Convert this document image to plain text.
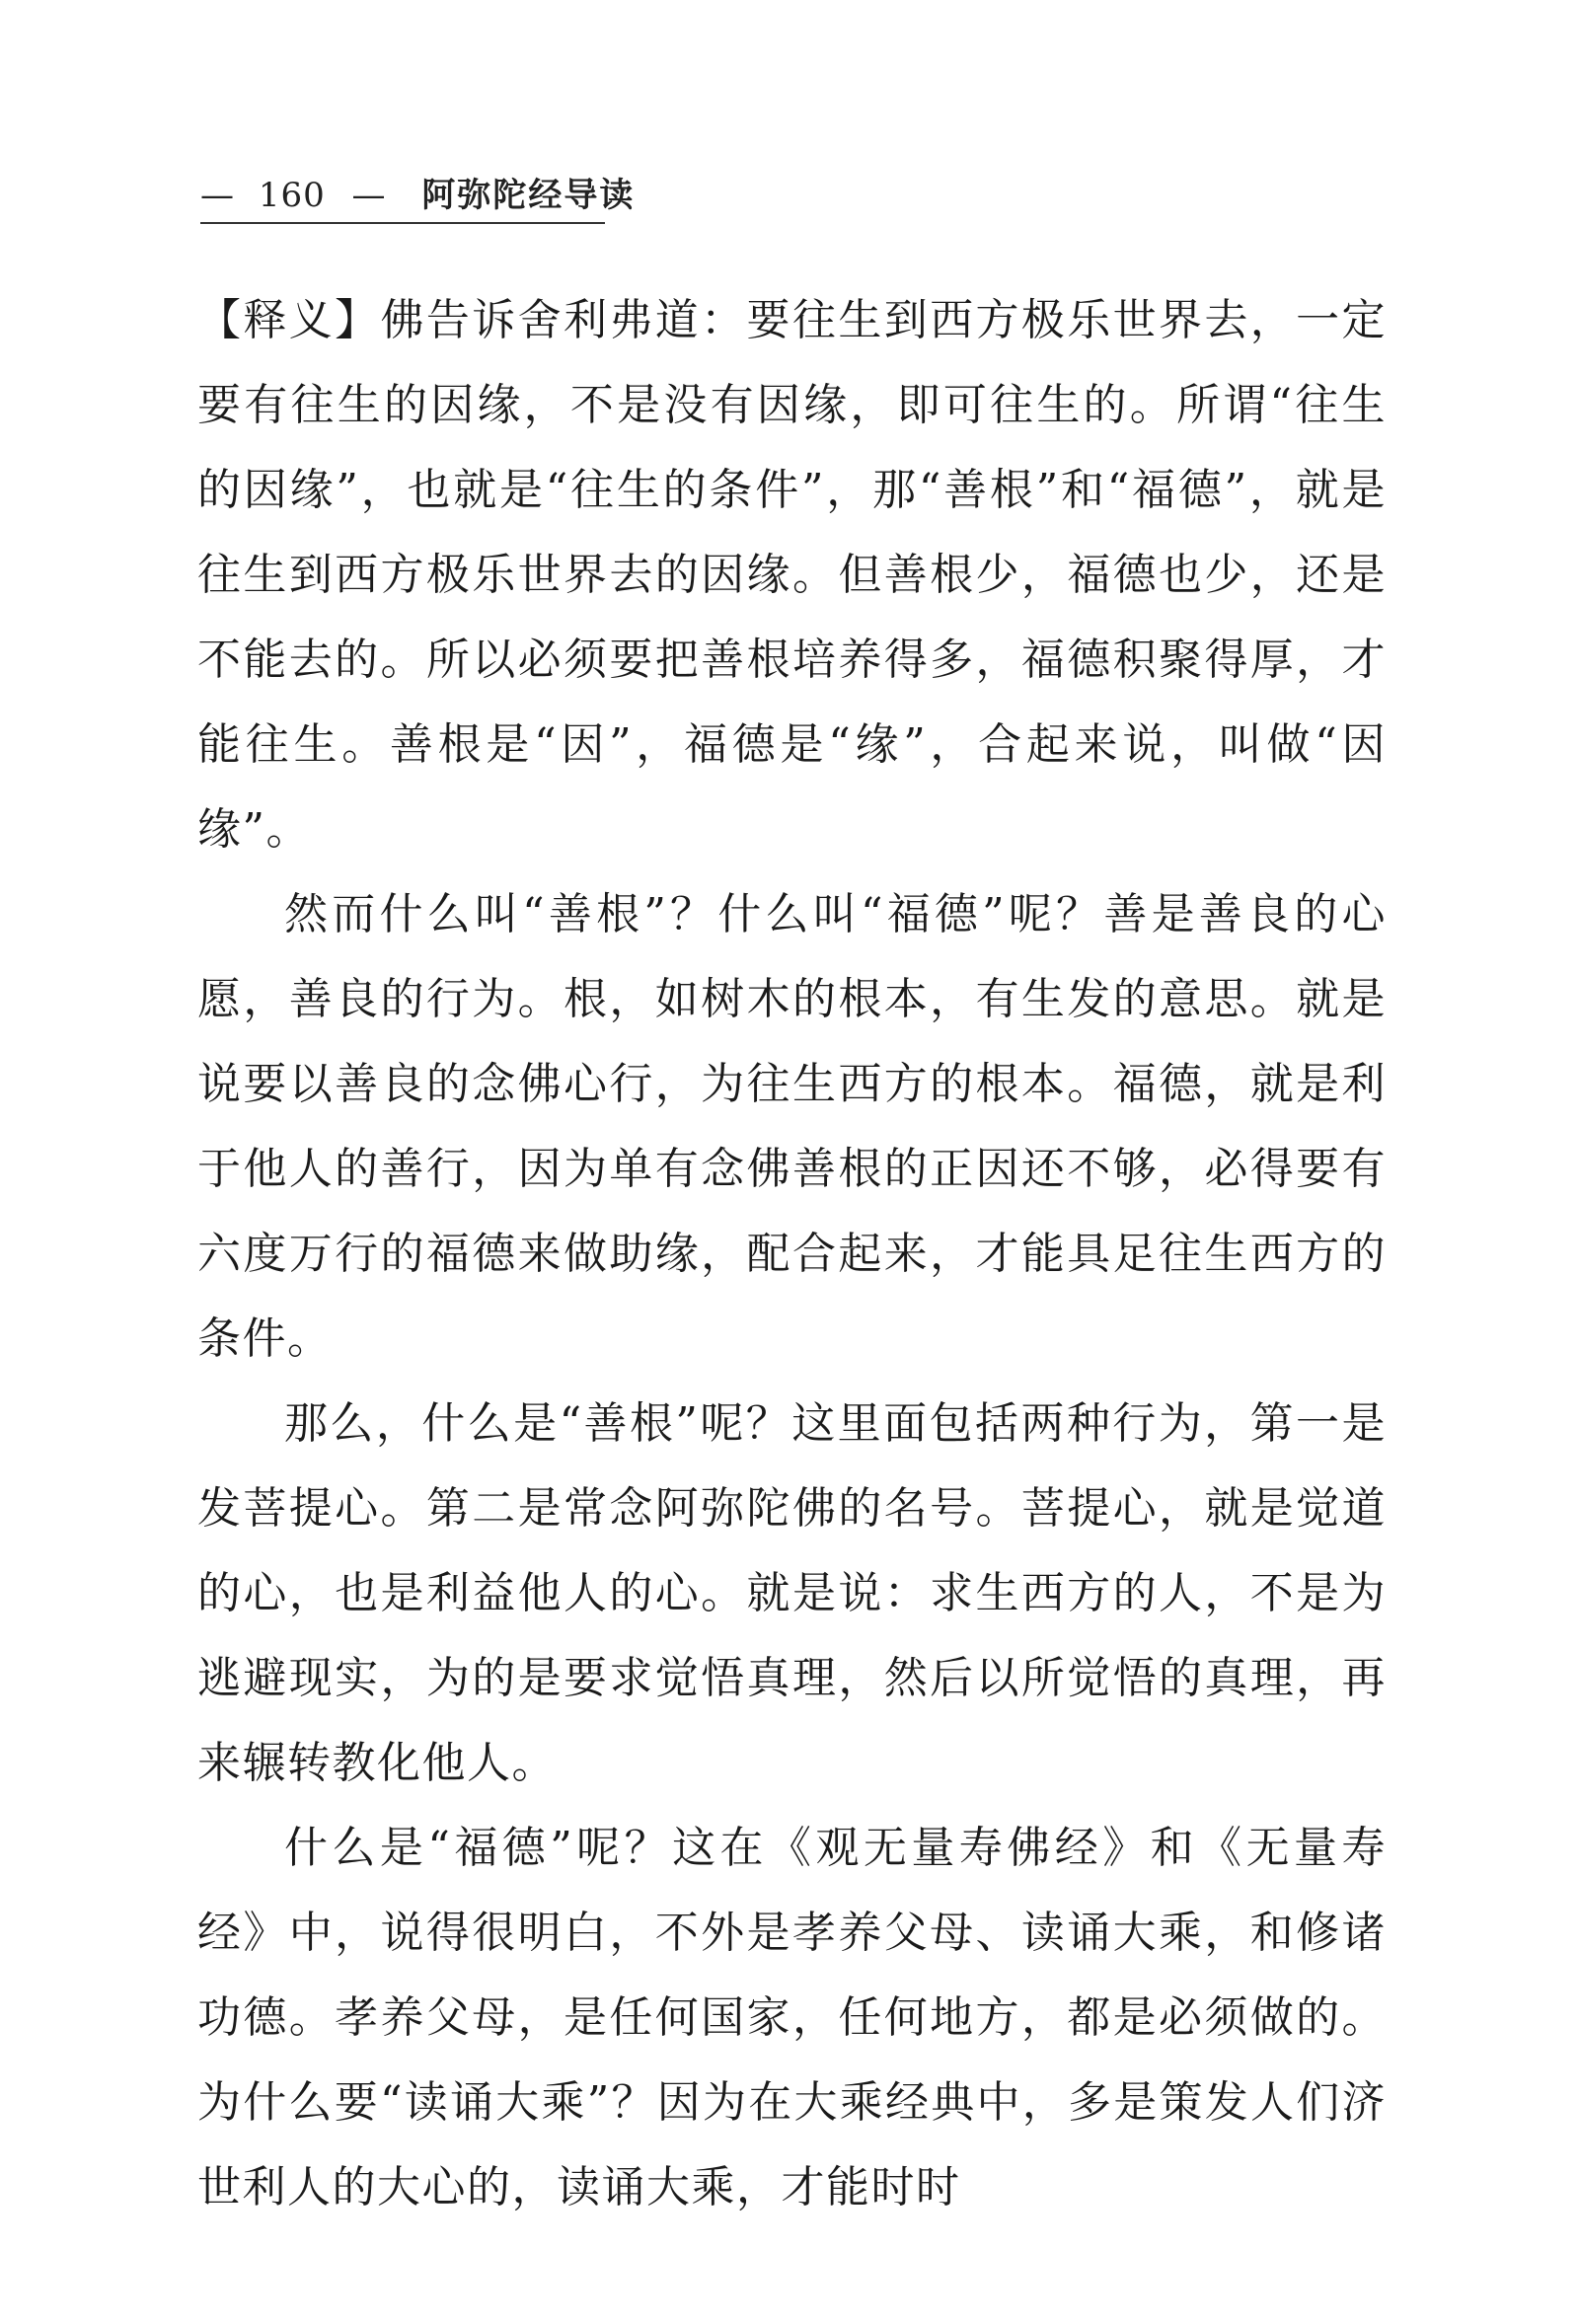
— 160 — 阿弥陀经导读

【释义】佛告诉舍利弗道：要往生到西方极乐世界去，一定要有往生的因缘，不是没有因缘，即可往生的。所谓“往生的因缘”，也就是“往生的条件”，那“善根”和“福德”，就是往生到西方极乐世界去的因缘。但善根少，福德也少，还是不能去的。所以必须要把善根培养得多，福德积聚得厚，才能往生。善根是“因”，福德是“缘”，合起来说，叫做“因缘”。

然而什么叫“善根”？什么叫“福德”呢？善是善良的心愿，善良的行为。根，如树木的根本，有生发的意思。就是说要以善良的念佛心行，为往生西方的根本。福德，就是利于他人的善行，因为单有念佛善根的正因还不够，必得要有六度万行的福德来做助缘，配合起来，才能具足往生西方的条件。

那么，什么是“善根”呢？这里面包括两种行为，第一是发菩提心。第二是常念阿弥陀佛的名号。菩提心，就是觉道的心，也是利益他人的心。就是说：求生西方的人，不是为逃避现实，为的是要求觉悟真理，然后以所觉悟的真理，再来辗转教化他人。

什么是“福德”呢？这在《观无量寿佛经》和《无量寿经》中，说得很明白，不外是孝养父母、读诵大乘，和修诸功德。孝养父母，是任何国家，任何地方，都是必须做的。为什么要“读诵大乘”？因为在大乘经典中，多是策发人们济世利人的大心的，读诵大乘，才能时时
